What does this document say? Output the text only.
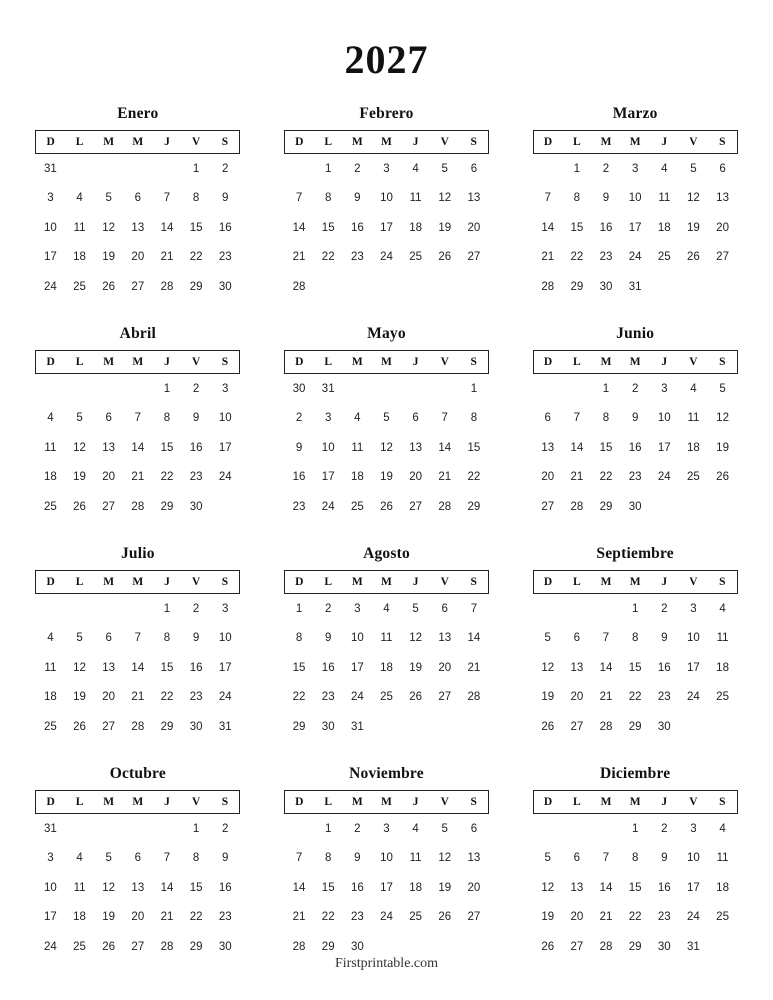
2027
Enero
D	L	M	M	J	V	S
31					1	2
3	4	5	6	7	8	9
10	11	12	13	14	15	16
17	18	19	20	21	22	23
24	25	26	27	28	29	30

Febrero
D	L	M	M	J	V	S
	1	2	3	4	5	6
7	8	9	10	11	12	13
14	15	16	17	18	19	20
21	22	23	24	25	26	27
28						

Marzo
D	L	M	M	J	V	S
	1	2	3	4	5	6
7	8	9	10	11	12	13
14	15	16	17	18	19	20
21	22	23	24	25	26	27
28	29	30	31			

Abril
D	L	M	M	J	V	S
				1	2	3
4	5	6	7	8	9	10
11	12	13	14	15	16	17
18	19	20	21	22	23	24
25	26	27	28	29	30	

Mayo
D	L	M	M	J	V	S
30	31					1
2	3	4	5	6	7	8
9	10	11	12	13	14	15
16	17	18	19	20	21	22
23	24	25	26	27	28	29

Junio
D	L	M	M	J	V	S
		1	2	3	4	5
6	7	8	9	10	11	12
13	14	15	16	17	18	19
20	21	22	23	24	25	26
27	28	29	30			

Julio
D	L	M	M	J	V	S
				1	2	3
4	5	6	7	8	9	10
11	12	13	14	15	16	17
18	19	20	21	22	23	24
25	26	27	28	29	30	31

Agosto
D	L	M	M	J	V	S
1	2	3	4	5	6	7
8	9	10	11	12	13	14
15	16	17	18	19	20	21
22	23	24	25	26	27	28
29	30	31				

Septiembre
D	L	M	M	J	V	S
			1	2	3	4
5	6	7	8	9	10	11
12	13	14	15	16	17	18
19	20	21	22	23	24	25
26	27	28	29	30		

Octubre
D	L	M	M	J	V	S
31					1	2
3	4	5	6	7	8	9
10	11	12	13	14	15	16
17	18	19	20	21	22	23
24	25	26	27	28	29	30

Noviembre
D	L	M	M	J	V	S
	1	2	3	4	5	6
7	8	9	10	11	12	13
14	15	16	17	18	19	20
21	22	23	24	25	26	27
28	29	30				

Diciembre
D	L	M	M	J	V	S
			1	2	3	4
5	6	7	8	9	10	11
12	13	14	15	16	17	18
19	20	21	22	23	24	25
26	27	28	29	30	31	

Firstprintable.com
